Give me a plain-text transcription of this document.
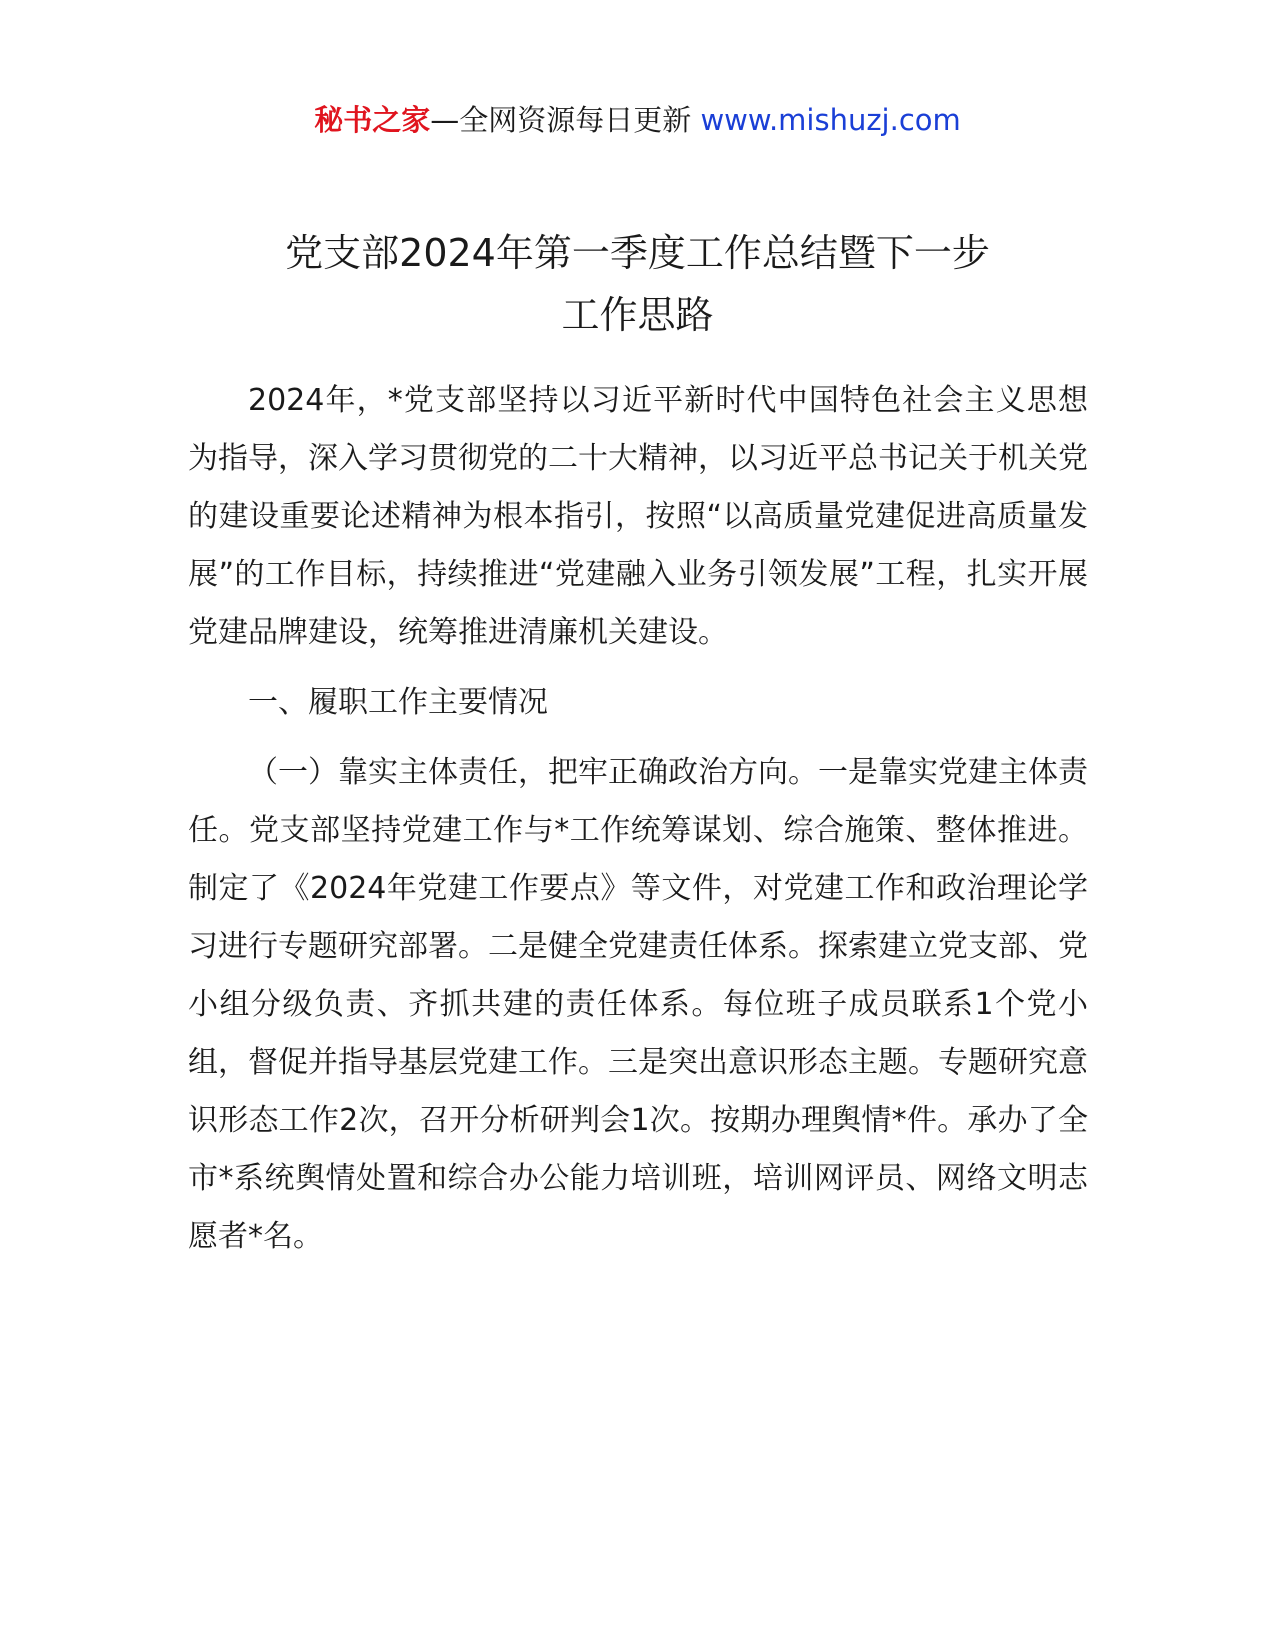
秘书之家—全网资源每日更新 www.mishuzj.com
党支部2024年第一季度工作总结暨下一步
工作思路

2024年，*党支部坚持以习近平新时代中国特色社会主义思想为指导，深入学习贯彻党的二十大精神，以习近平总书记关于机关党的建设重要论述精神为根本指引，按照“以高质量党建促进高质量发展”的工作目标，持续推进“党建融入业务引领发展”工程，扎实开展党建品牌建设，统筹推进清廉机关建设。

一、履职工作主要情况

（一）靠实主体责任，把牢正确政治方向。一是靠实党建主体责任。党支部坚持党建工作与*工作统筹谋划、综合施策、整体推进。制定了《2024年党建工作要点》等文件，对党建工作和政治理论学习进行专题研究部署。二是健全党建责任体系。探索建立党支部、党小组分级负责、齐抓共建的责任体系。每位班子成员联系1个党小组，督促并指导基层党建工作。三是突出意识形态主题。专题研究意识形态工作2次，召开分析研判会1次。按期办理舆情*件。承办了全市*系统舆情处置和综合办公能力培训班，培训网评员、网络文明志愿者*名。
